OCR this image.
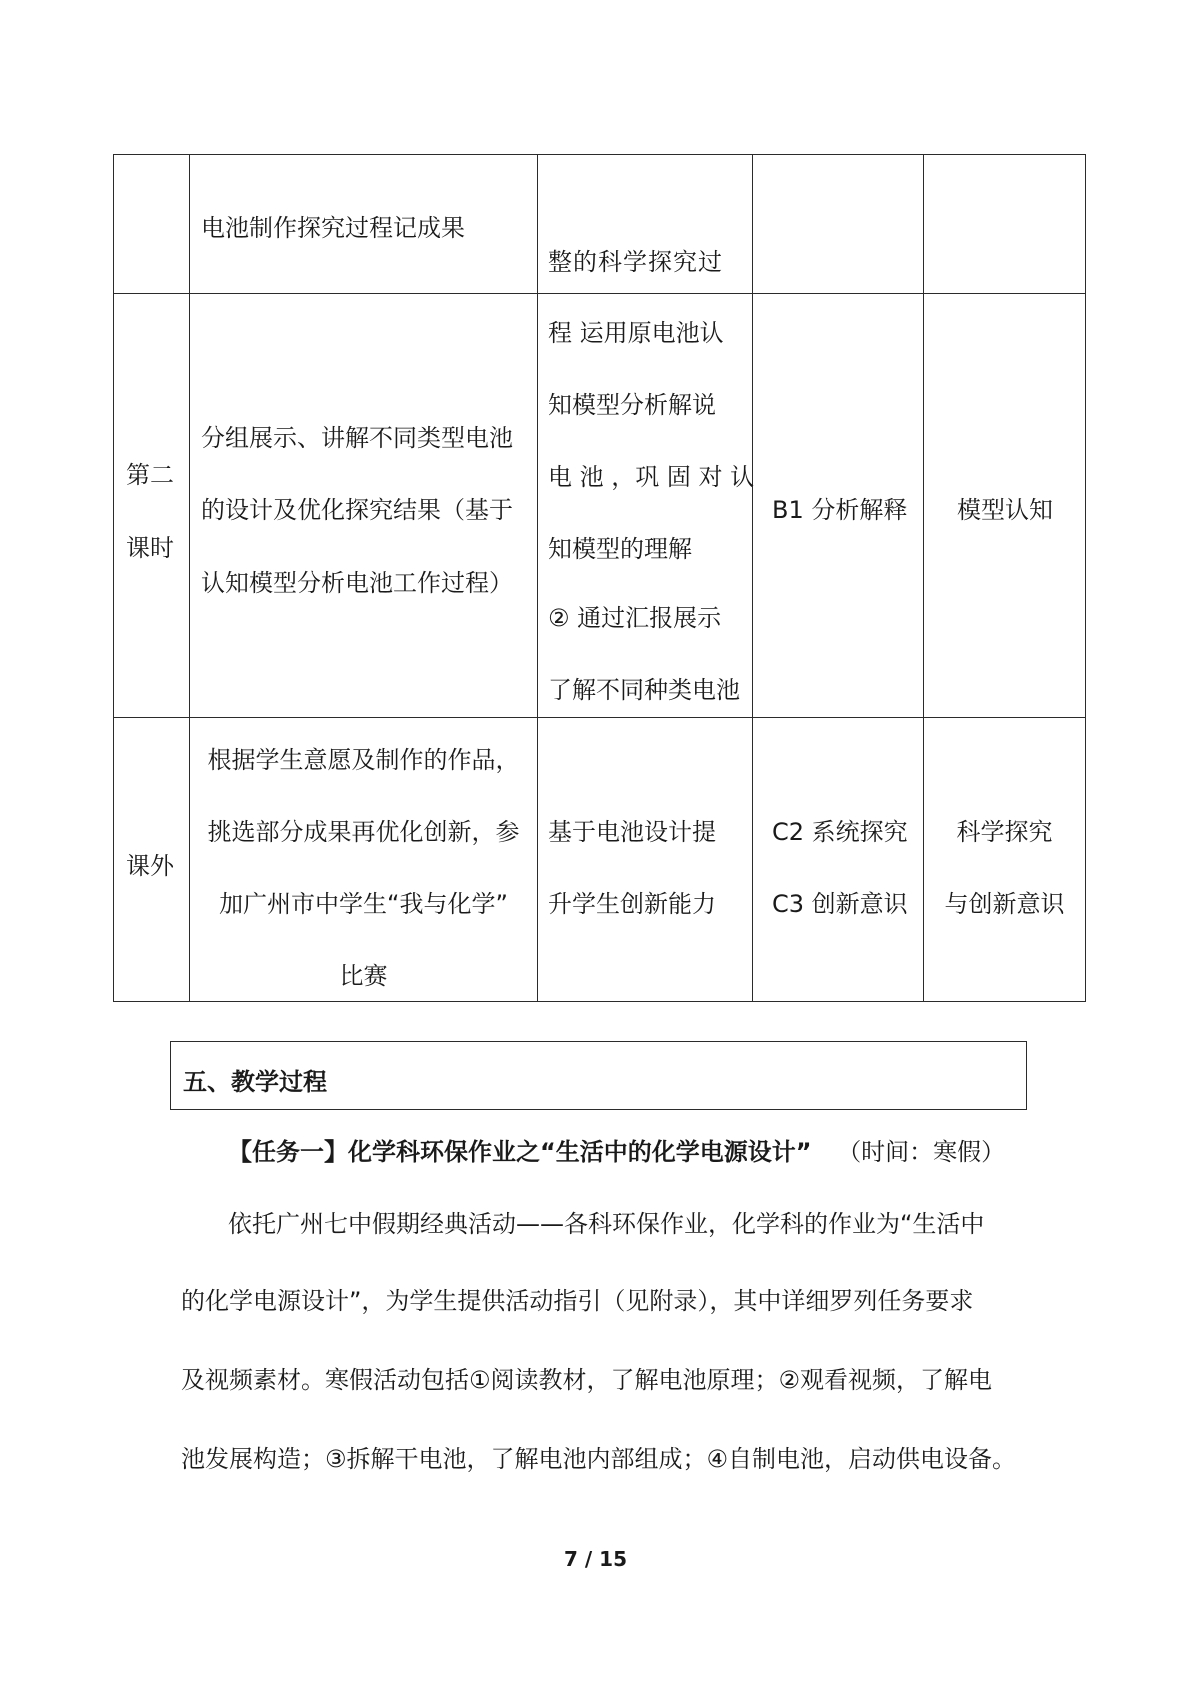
电池制作探究过程记成果
整的科学探究过
第二
课时
分组展示、讲解不同类型电池
的设计及优化探究结果（基于
认知模型分析电池工作过程）
程 运用原电池认
知模型分析解说
电 池 ，巩 固 对 认
知模型的理解
② 通过汇报展示
了解不同种类电池
B1 分析解释 模型认知
课外
根据学生意愿及制作的作品，
挑选部分成果再优化创新，参
加广州市中学生“我与化学”
比赛
基于电池设计提
升学生创新能力
C2 系统探究
C3 创新意识
科学探究
与创新意识
五、教学过程
【任务一】化学科环保作业之“生活中的化学电源设计” （时间：寒假）
依托广州七中假期经典活动——各科环保作业，化学科的作业为“生活中
的化学电源设计”，为学生提供活动指引（见附录），其中详细罗列任务要求
及视频素材。寒假活动包括①阅读教材，了解电池原理；②观看视频，了解电
池发展构造；③拆解干电池，了解电池内部组成；④自制电池，启动供电设备。
7 / 15
